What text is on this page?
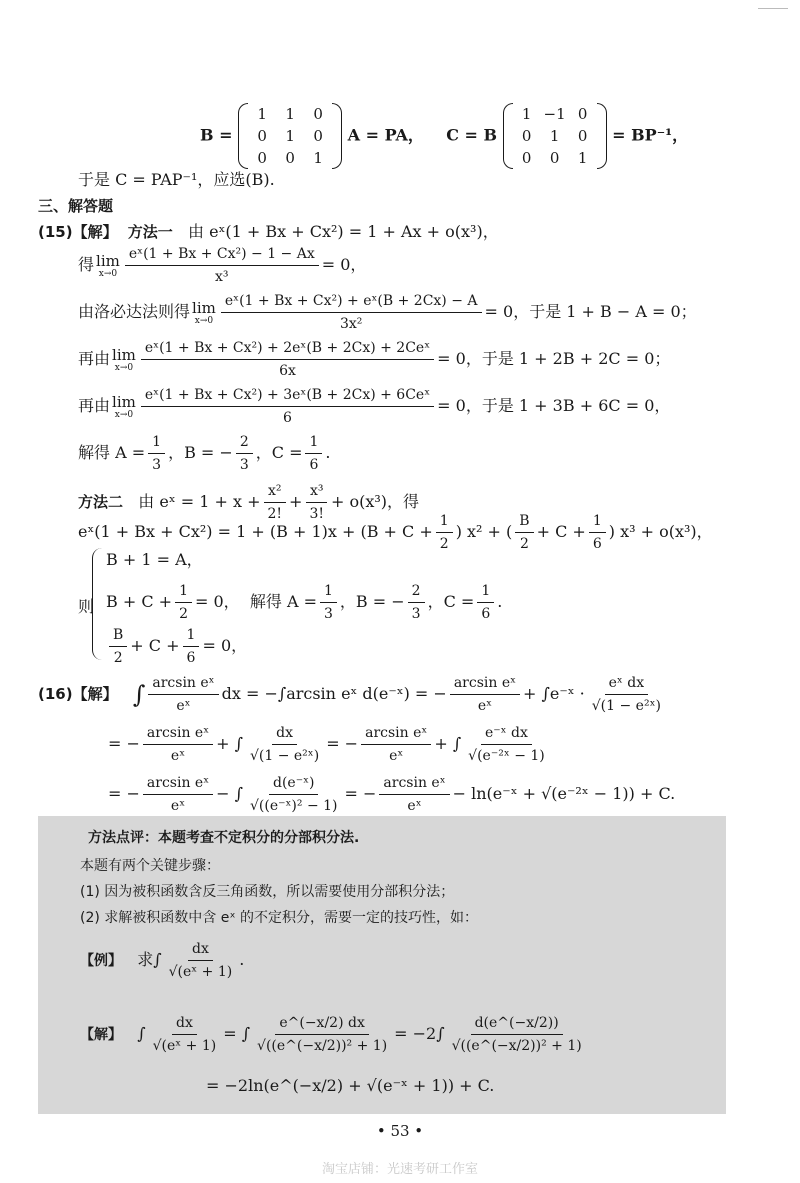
B =
1	1	0
0	1	0
0	0	1
A = PA， C = B
1	−1	0
0	1	0
0	0	1
= BP⁻¹，
于是 C = PAP⁻¹，应选(B).
三、解答题
(15)【解】 方法一 由 eˣ(1 + Bx + Cx²) = 1 + Ax + o(x³)，
得 lim
$x\to 0 \frac{\text{eˣ(1 + Bx + Cx²) − 1 − Ax}}{\text{x³}} = 0$，
由洛必达法则得 lim
$x\to 0 \frac{\text{eˣ(1 + Bx + Cx²) + eˣ(B + 2Cx) − A}}{\text{3x²}} = 0$，于是 1 + B − A = 0；
再由 lim
$x\to 0 \frac{\text{eˣ(1 + Bx + Cx²) + 2eˣ(B + 2Cx) + 2Ceˣ}}{6x} = 0$，于是 1 + 2B + 2C = 0；
再由 lim
$x\to 0 \frac{\text{eˣ(1 + Bx + Cx²) + 3eˣ(B + 2Cx) + 6Ceˣ}}{6} = 0$，于是 1 + 3B + 6C = 0，
解得 $A = \frac{1}{3}$ ，B = − $\frac{2}{3}$ ，$C = \frac{1}{6}$ .
方法二 由 eˣ = $1 + x + \frac{\text{x²}}{2!} + \frac{\text{x³}}{3!} + o(x^3)$，得
eˣ(1 + $Bx + Cx^2) = 1 + (B + 1)x + (B + C + \frac{1}{2}$ ) x² + ( $\frac{B}{2} + C + \frac{1}{6}$ ) x³ + o(x³)，
则
B + 1 = A，
$B + C + \frac{1}{2} = 0$， 解得 $A = \frac{1}{3}$ ，B = − $\frac{2}{3}$ ，$C = \frac{1}{6}$ .
$\frac{B}{2} + C + \frac{1}{6} = 0$，
(16)【解】 ∫ $\frac{\text{arcsin eˣ}}{\text{eˣ}}$ dx = −∫arcsin eˣ d(e⁻ˣ) = − $\frac{\text{arcsin eˣ}}{\text{eˣ}}$ + ∫e⁻ˣ · $\frac{\text{eˣ dx}}{\text{√(1 − e²ˣ)}}$
= − $\frac{\text{arcsin eˣ}}{\text{eˣ}}$ + ∫ $\frac{dx}{\text{√(1 − e²ˣ)}}$ = − $\frac{\text{arcsin eˣ}}{\text{eˣ}}$ + ∫ $\frac{\text{e⁻ˣ dx}}{\text{√(e⁻²ˣ − 1)}}$
= − $\frac{\text{arcsin eˣ}}{\text{eˣ}}$ − ∫ $\frac{\text{d(e⁻ˣ)}}{\text{√((e⁻ˣ)² − 1)}}$ = − $\frac{\text{arcsin eˣ}}{\text{eˣ}}$ − ln(e⁻ˣ + √(e⁻²ˣ − 1)) + C.
方法点评：本题考查不定积分的分部积分法.
本题有两个关键步骤：
(1) 因为被积函数含反三角函数，所以需要使用分部积分法；
(2) 求解被积函数中含 eˣ 的不定积分，需要一定的技巧性，如：
【例】 求∫ $\frac{dx}{\text{√(eˣ + 1)}}$ .
【解】 ∫ $\frac{dx}{\text{√(eˣ + 1)}}$ = ∫ $\frac{e\^{}(-x/2) dx}{\text{√((e\textasciicircum{}(−x/2))² + 1)}} = -2\int \frac{d(e\^{}(-x/2))}{\text{√((e\textasciicircum{}(−x/2))² + 1)}}$
= −2ln(e^(−x/2) + √(e⁻ˣ + 1)) + C.
• 53 •
淘宝店铺：光速考研工作室
